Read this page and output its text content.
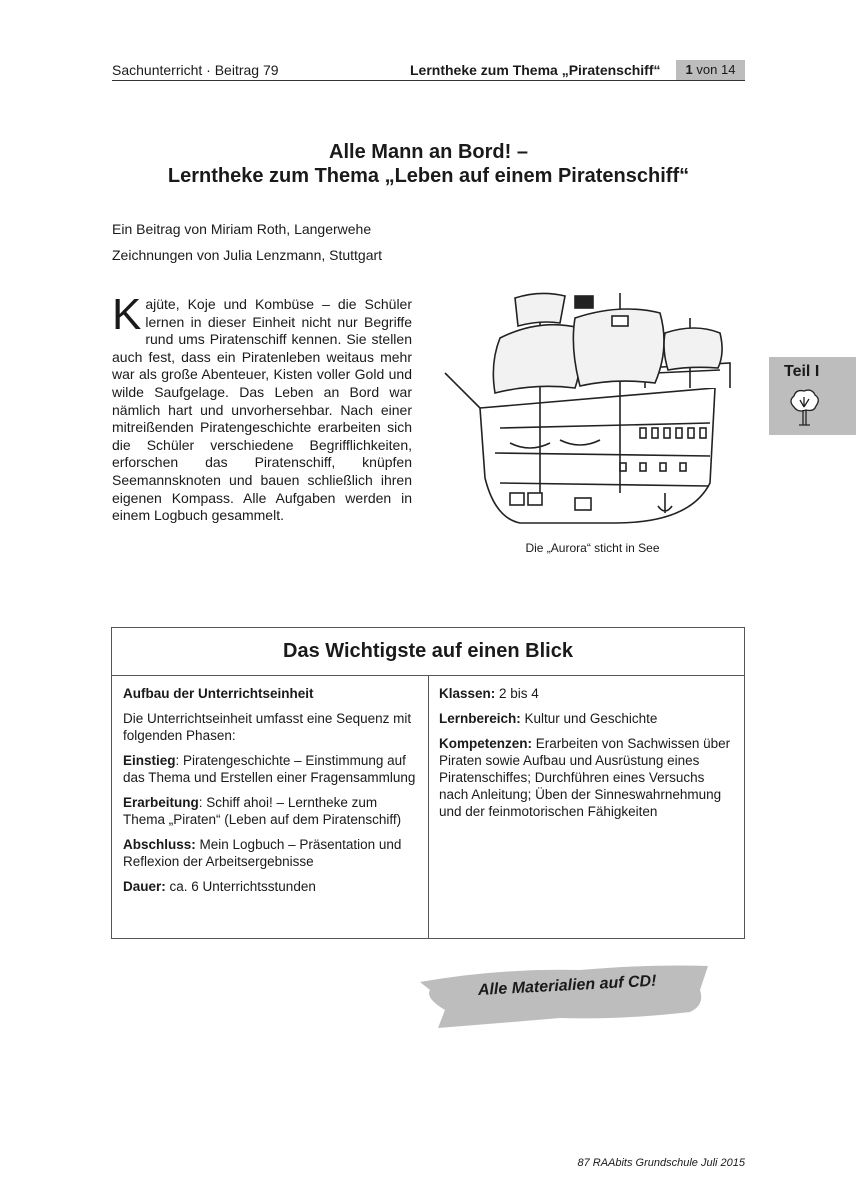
Sachunterricht · Beitrag 79	Lerntheke zum Thema „Piratenschiff“	1 von 14
Alle Mann an Bord! –
Lerntheke zum Thema „Leben auf einem Piratenschiff“
Ein Beitrag von Miriam Roth, Langerwehe
Zeichnungen von Julia Lenzmann, Stuttgart
Kajüte, Koje und Kombüse – die Schüler lernen in dieser Einheit nicht nur Begriffe rund ums Piratenschiff kennen. Sie stellen auch fest, dass ein Piratenleben weitaus mehr war als große Abenteuer, Kisten voller Gold und wilde Saufgelage. Das Leben an Bord war nämlich hart und unvorhersehbar. Nach einer mitreißenden Piratengeschichte erarbeiten sich die Schüler verschiedene Begrifflichkeiten, erforschen das Piratenschiff, knüpfen Seemannsknoten und bauen schließlich ihren eigenen Kompass. Alle Aufgaben werden in einem Logbuch gesammelt.
Die „Aurora“ sticht in See
Teil I
Das Wichtigste auf einen Blick

Aufbau der Unterrichtseinheit

Die Unterrichtseinheit umfasst eine Sequenz mit folgenden Phasen:

Einstieg: Piratengeschichte – Einstimmung auf das Thema und Erstellen einer Fragensammlung

Erarbeitung: Schiff ahoi! – Lerntheke zum Thema „Piraten“ (Leben auf dem Piratenschiff)

Abschluss: Mein Logbuch – Präsentation und Reflexion der Arbeitsergebnisse

Dauer: ca. 6 Unterrichtsstunden

Klassen: 2 bis 4

Lernbereich: Kultur und Geschichte

Kompetenzen: Erarbeiten von Sachwissen über Piraten sowie Aufbau und Ausrüstung eines Piratenschiffes; Durchführen eines Versuchs nach Anleitung; Üben der Sinneswahrnehmung und der feinmotorischen Fähigkeiten

Alle Materialien auf CD!
87 RAAbits Grundschule Juli 2015
